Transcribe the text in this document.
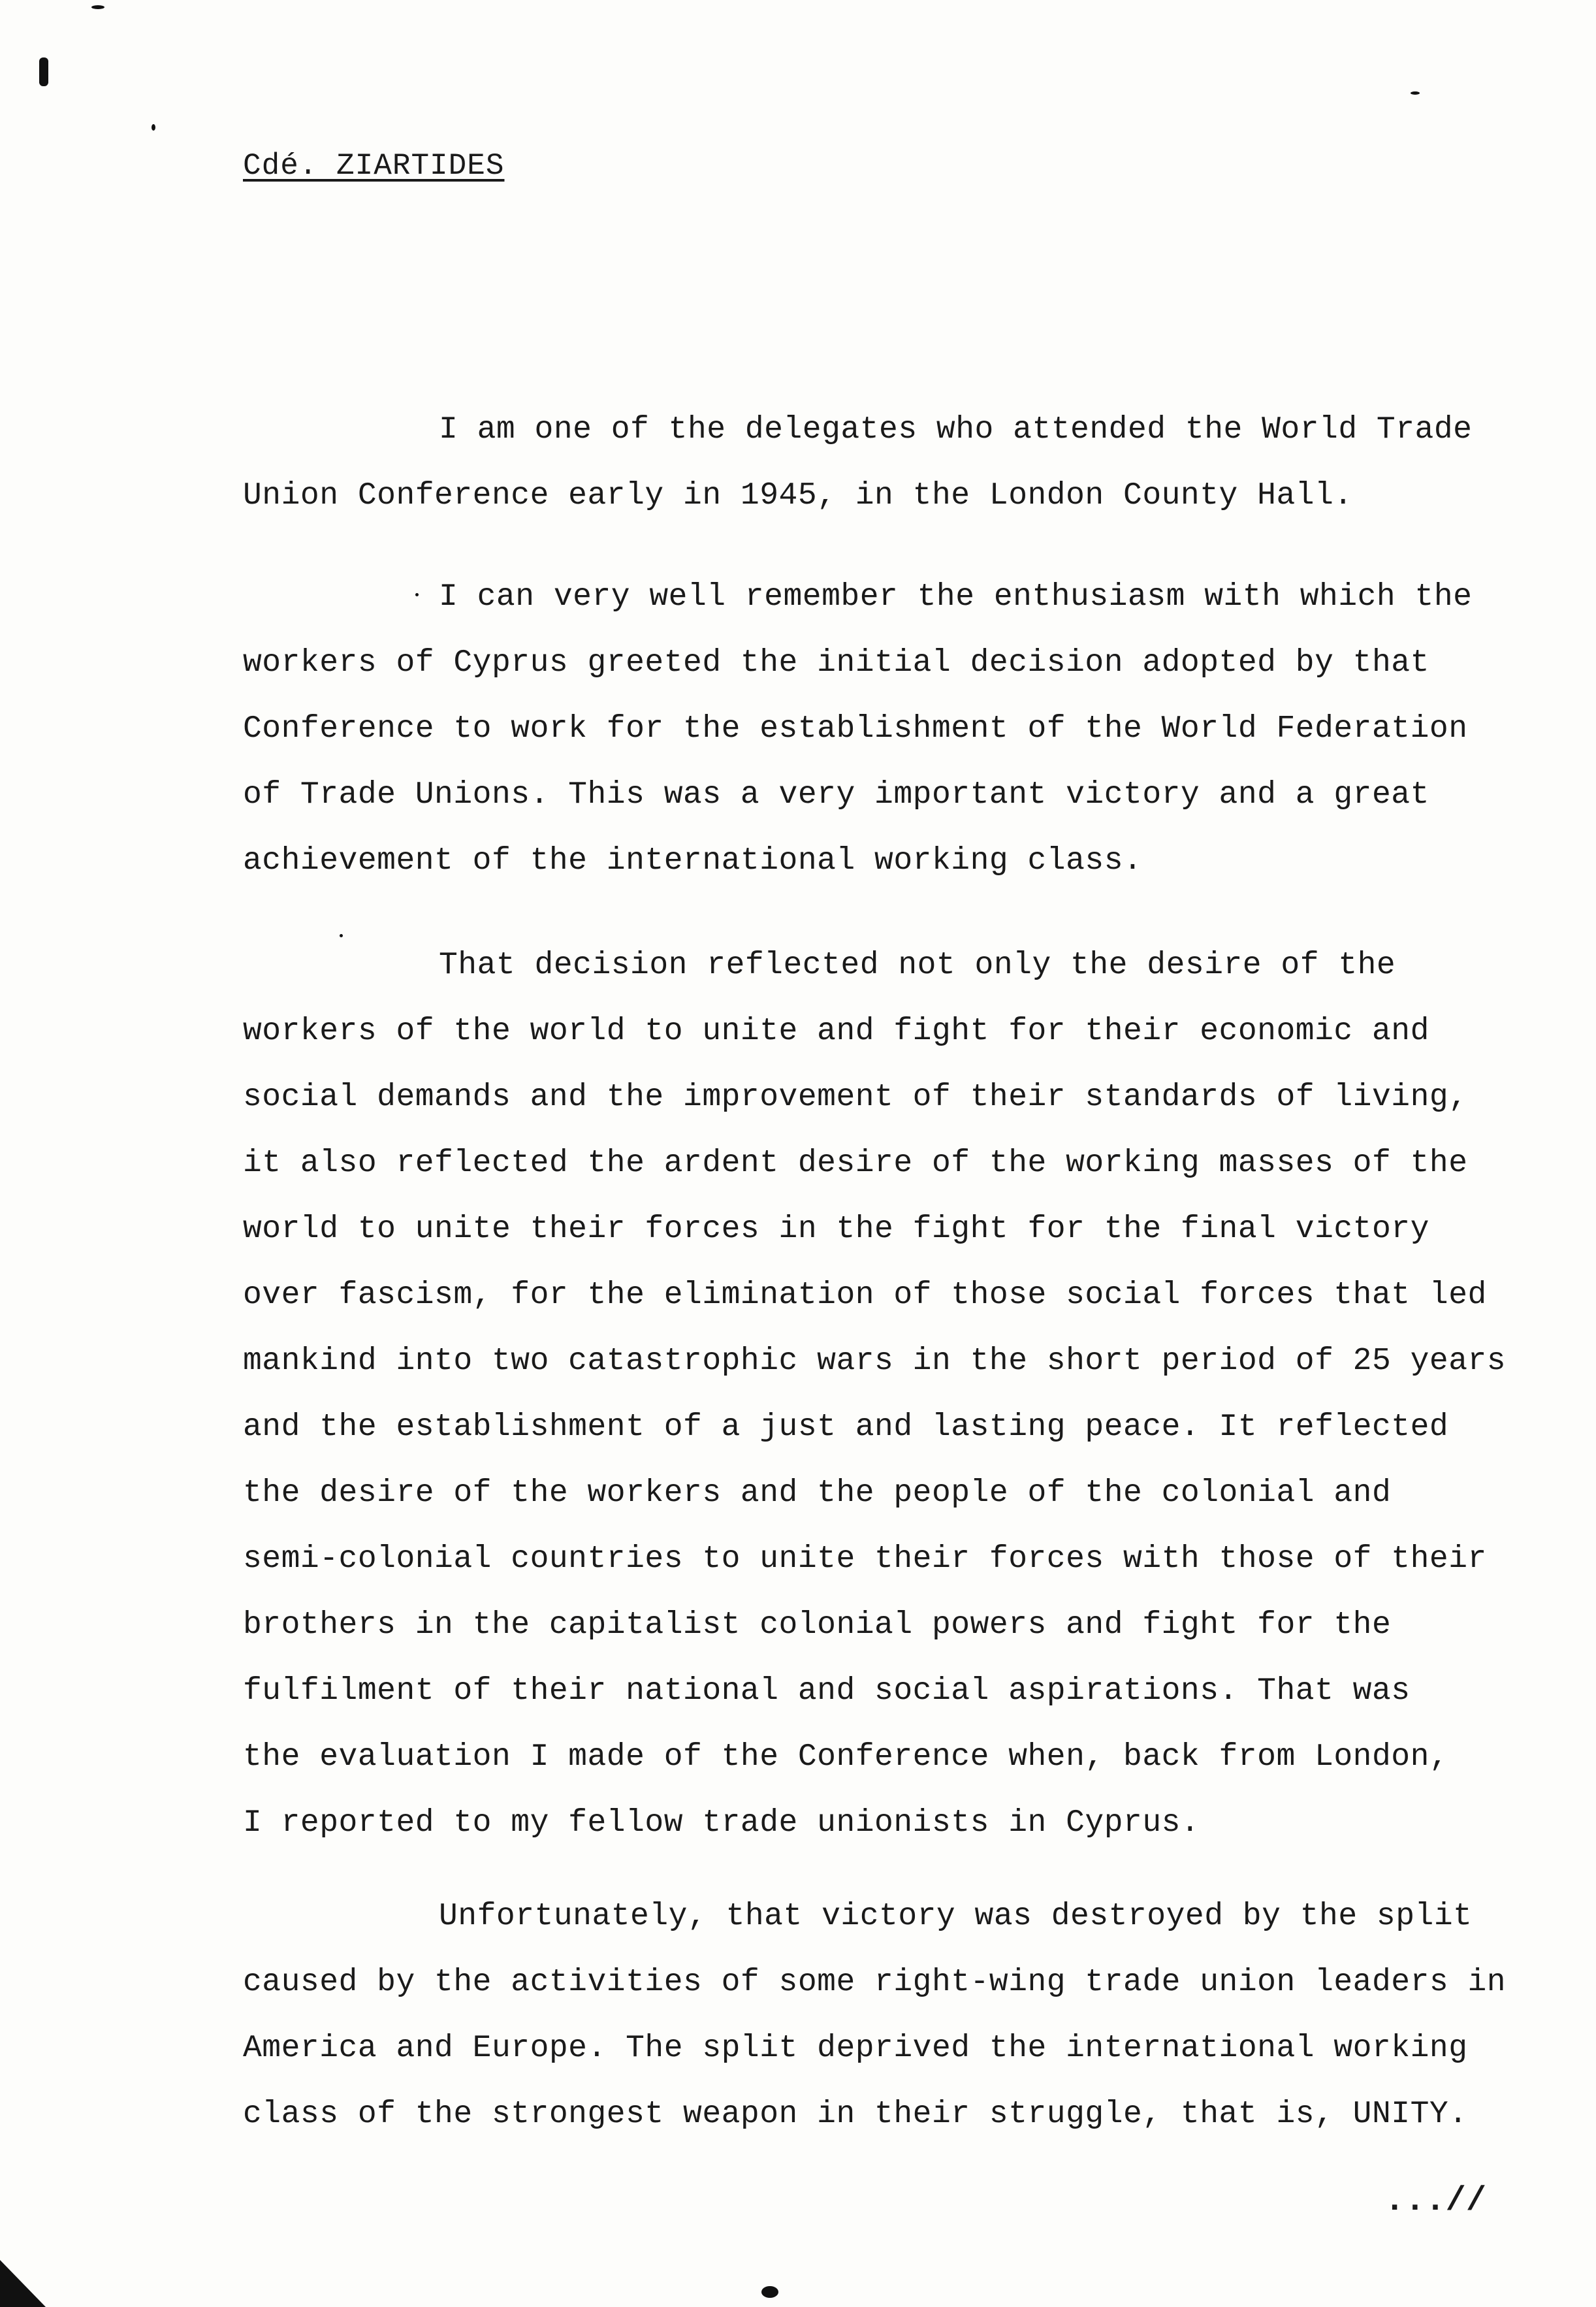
Cdé. ZIARTIDES
I am one of the delegates who attended the World Trade
Union Conference early in 1945, in the London County Hall.
I can very well remember the enthusiasm with which the
workers of Cyprus greeted the initial decision adopted by that
Conference to work for the establishment of the World Federation
of Trade Unions. This was a very important victory and a great
achievement of the international working class.
That decision reflected not only the desire of the
workers of the world to unite and fight for their economic and
social demands and the improvement of their standards of living,
it also reflected the ardent desire of the working masses of the
world to unite their forces in the fight for the final victory
over fascism, for the elimination of those social forces that led
mankind into two catastrophic wars in the short period of 25 years
and the establishment of a just and lasting peace. It reflected
the desire of the workers and the people of the colonial and
semi-colonial countries to unite their forces with those of their
brothers in the capitalist colonial powers and fight for the
fulfilment of their national and social aspirations. That was
the evaluation I made of the Conference when, back from London,
I reported to my fellow trade unionists in Cyprus.
Unfortunately, that victory was destroyed by the split
caused by the activities of some right-wing trade union leaders in
America and Europe. The split deprived the international working
class of the strongest weapon in their struggle, that is, UNITY.
...//
